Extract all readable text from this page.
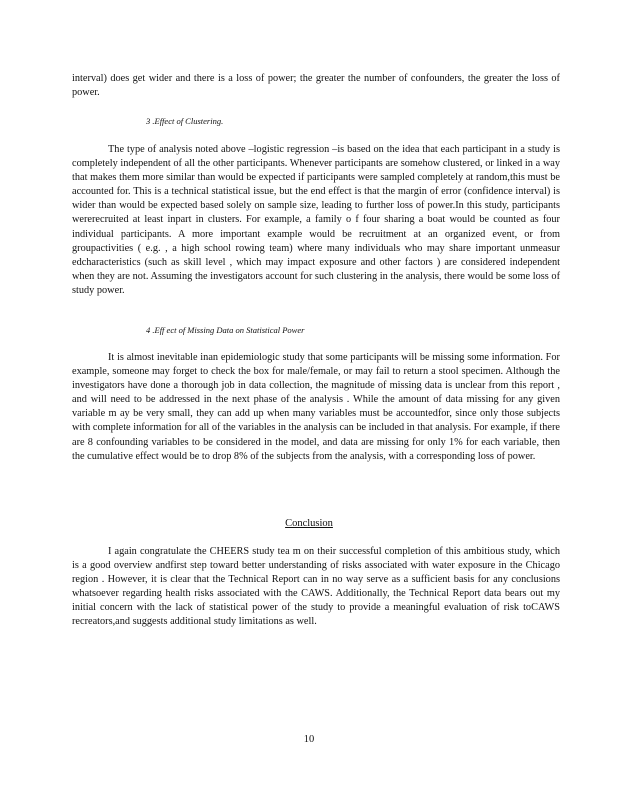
interval) does get wider and there is a loss of power; the greater the number of confounders, the greater the loss of power.

3 .Effect of Clustering.

The type of analysis noted above –logistic regression –is based on the idea that each participant in a study is completely independent of all the other participants. Whenever participants are somehow clustered, or linked in a way that makes them more similar than would be expected if participants were sampled completely at random,this must be accounted for. This is a technical statistical issue, but the end effect is that the margin of error (confidence interval) is wider than would be expected based solely on sample size, leading to further loss of power.In this study, participants wererecruited at least inpart in clusters. For example, a family o f four sharing a boat would be counted as four individual participants. A more important example would be recruitment at an organized event, or from groupactivities ( e.g. , a high school rowing team) where many individuals who may share important unmeasur edcharacteristics (such as skill level , which may impact exposure and other factors ) are considered independent when they are not. Assuming the investigators account for such clustering in the analysis, there would be some loss of study power.

4 .Eff ect of Missing Data on Statistical Power

It is almost inevitable inan epidemiologic study that some participants will be missing some information. For example, someone may forget to check the box for male/female, or may fail to return a stool specimen. Although the investigators have done a thorough job in data collection, the magnitude of missing data is unclear from this report , and will need to be addressed in the next phase of the analysis . While the amount of data missing for any given variable m ay be very small, they can add up when many variables must be accountedfor, since only those subjects with complete information for all of the variables in the analysis can be included in that analysis. For example, if there are 8 confounding variables to be considered in the model, and data are missing for only 1% for each variable, then the cumulative effect would be to drop 8% of the subjects from the analysis, with a corresponding loss of power.

Conclusion

I again congratulate the CHEERS study tea m on their successful completion of this ambitious study, which is a good overview andfirst step toward better understanding of risks associated with water exposure in the Chicago region . However, it is clear that the Technical Report can in no way serve as a sufficient basis for any conclusions whatsoever regarding health risks associated with the CAWS. Additionally, the Technical Report data bears out my initial concern with the lack of statistical power of the study to provide a meaningful evaluation of risk toCAWS recreators,and suggests additional study limitations as well.

10
